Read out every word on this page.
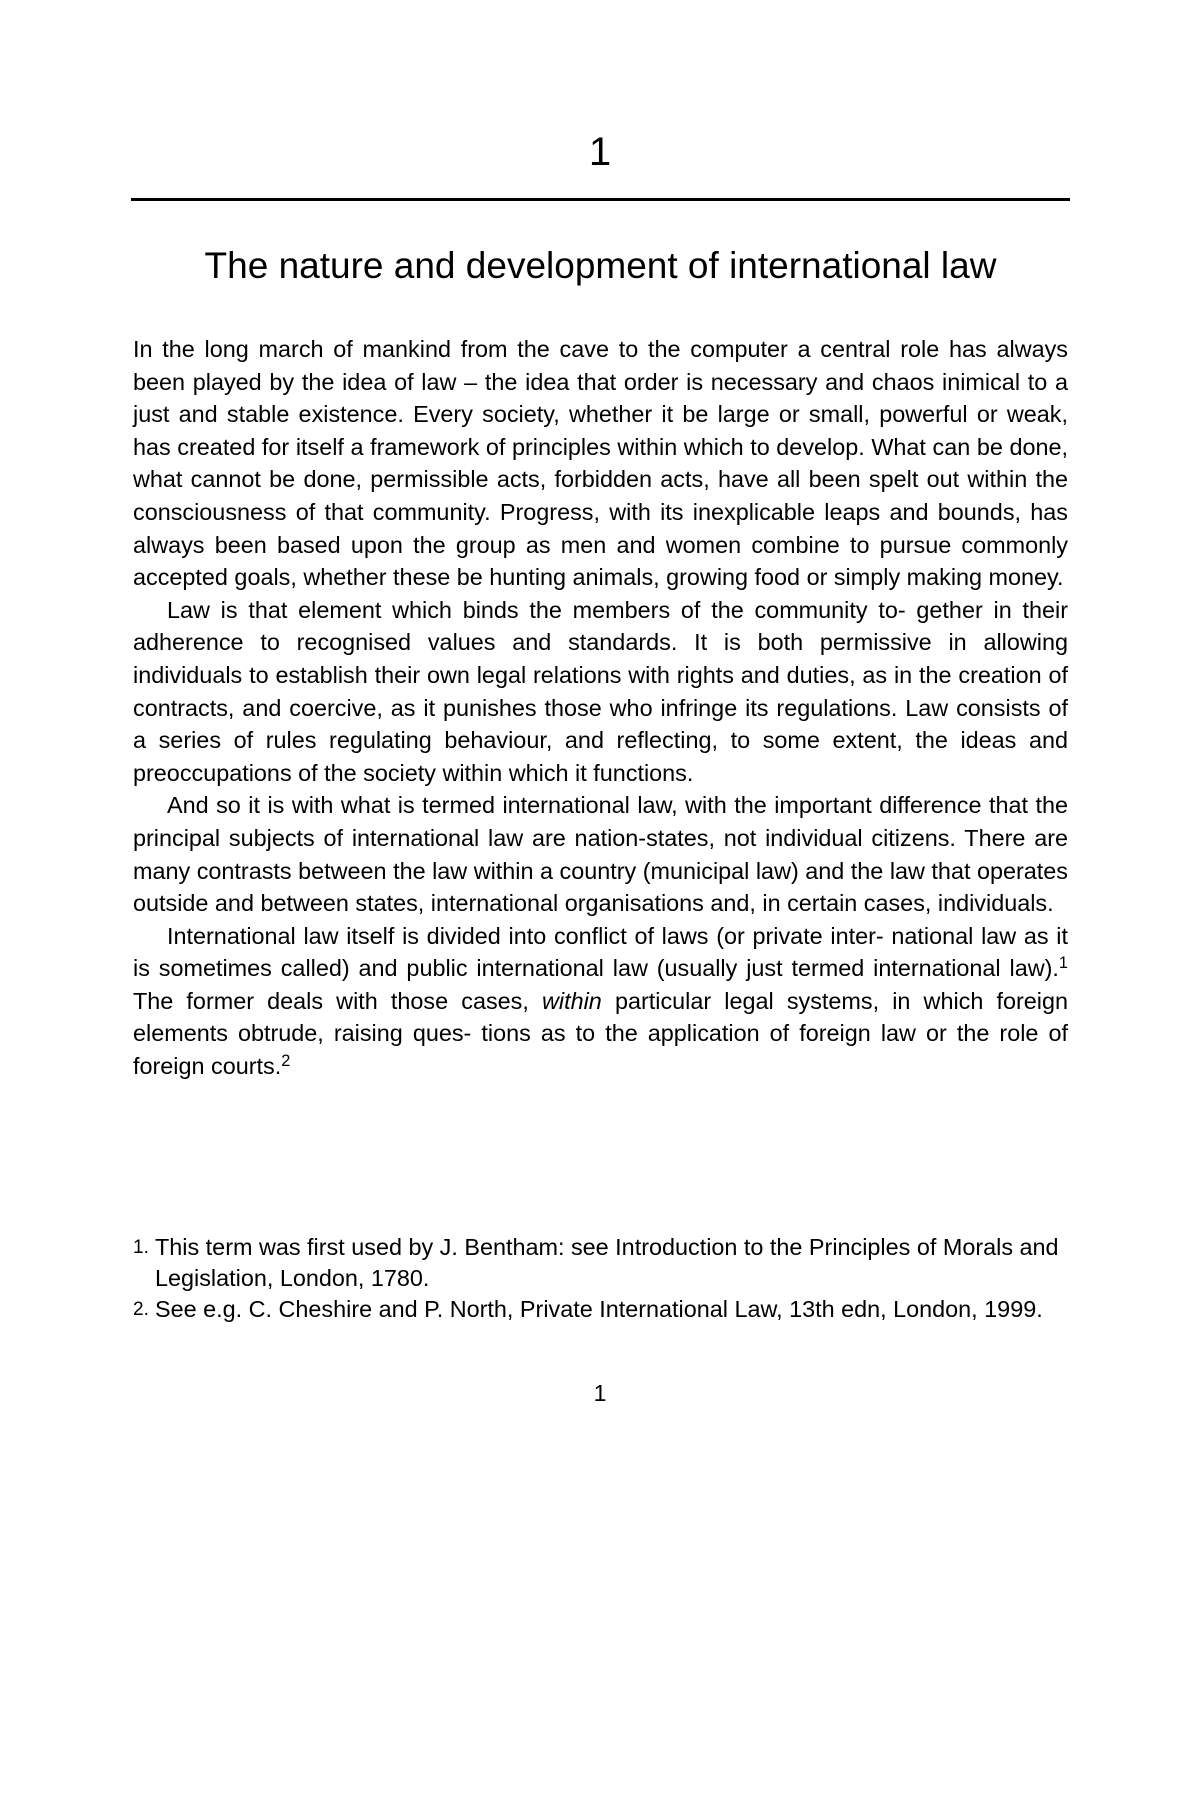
1
The nature and development of international law

In the long march of mankind from the cave to the computer a central role has always been played by the idea of law – the idea that order is necessary and chaos inimical to a just and stable existence. Every society, whether it be large or small, powerful or weak, has created for itself a framework of principles within which to develop. What can be done, what cannot be done, permissible acts, forbidden acts, have all been spelt out within the consciousness of that community. Progress, with its inexplicable leaps and bounds, has always been based upon the group as men and women combine to pursue commonly accepted goals, whether these be hunting animals, growing food or simply making money.

Law is that element which binds the members of the community to- gether in their adherence to recognised values and standards. It is both permissive in allowing individuals to establish their own legal relations with rights and duties, as in the creation of contracts, and coercive, as it punishes those who infringe its regulations. Law consists of a series of rules regulating behaviour, and reflecting, to some extent, the ideas and preoccupations of the society within which it functions.

And so it is with what is termed international law, with the important difference that the principal subjects of international law are nation-states, not individual citizens. There are many contrasts between the law within a country (municipal law) and the law that operates outside and between states, international organisations and, in certain cases, individuals.

International law itself is divided into conflict of laws (or private inter- national law as it is sometimes called) and public international law (usually just termed international law).$^1$ The former deals with those cases, within particular legal systems, in which foreign elements obtrude, raising ques- tions as to the application of foreign law or the role of foreign courts.$^2$

1. This term was first used by J. Bentham: see Introduction to the Principles of Morals and Legislation, London, 1780.
2. See e.g. C. Cheshire and P. North, Private International Law, 13th edn, London, 1999.
1
